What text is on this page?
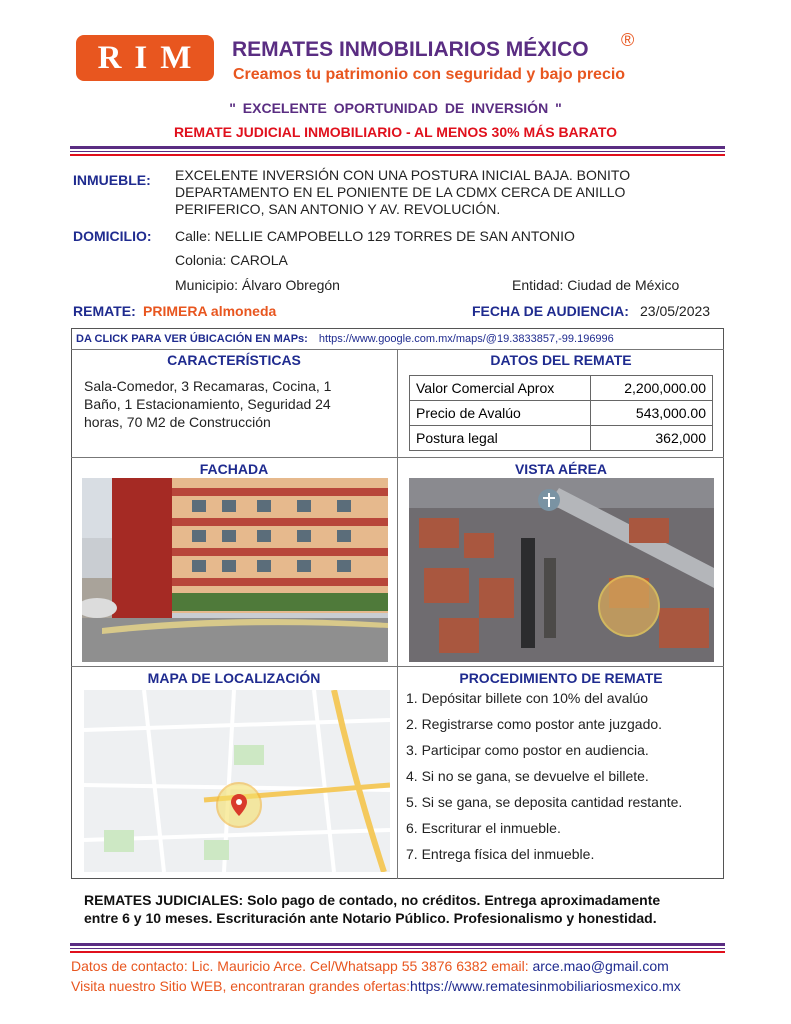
RIM	REMATES INMOBILIARIOS MÉXICO ®
Creamos tu patrimonio con seguridad y bajo precio
" EXCELENTE OPORTUNIDAD DE INVERSIÓN "
REMATE JUDICIAL INMOBILIARIO - AL MENOS 30% MÁS BARATO
INMUEBLE: EXCELENTE INVERSIÓN CON UNA POSTURA INICIAL BAJA. BONITO
DEPARTAMENTO EN EL PONIENTE DE LA CDMX CERCA DE ANILLO
PERIFERICO, SAN ANTONIO Y AV. REVOLUCIÓN.
DOMICILIO: Calle: NELLIE CAMPOBELLO 129 TORRES DE SAN ANTONIO
Colonia: CAROLA
Municipio: Álvaro Obregón	Entidad: Ciudad de México
REMATE: PRIMERA almoneda	FECHA DE AUDIENCIA: 23/05/2023
DA CLICK PARA VER ÚBICACIÓN EN MAPs: https://www.google.com.mx/maps/@19.3833857,-99.196996
CARACTERÍSTICAS
Sala-Comedor, 3 Recamaras, Cocina, 1
Baño, 1 Estacionamiento, Seguridad 24
horas, 70 M2 de Construcción
DATOS DEL REMATE
Valor Comercial Aprox	2,200,000.00
Precio de Avalúo	543,000.00
Postura legal	362,000
FACHADA	VISTA AÉREA
MAPA DE LOCALIZACIÓN	PROCEDIMIENTO DE REMATE
1. Depósitar billete con 10% del avalúo
2. Registrarse como postor ante juzgado.
3. Participar como postor en audiencia.
4. Si no se gana, se devuelve el billete.
5. Si se gana, se deposita cantidad restante.
6. Escriturar el inmueble.
7. Entrega física del inmueble.
REMATES JUDICIALES: Solo pago de contado, no créditos. Entrega aproximadamente
entre 6 y 10 meses. Escrituración ante Notario Público. Profesionalismo y honestidad.
Datos de contacto: Lic. Mauricio Arce. Cel/Whatsapp 55 3876 6382 email: arce.mao@gmail.com
Visita nuestro Sitio WEB, encontraran grandes ofertas:https://www.rematesinmobiliariosmexico.mx
